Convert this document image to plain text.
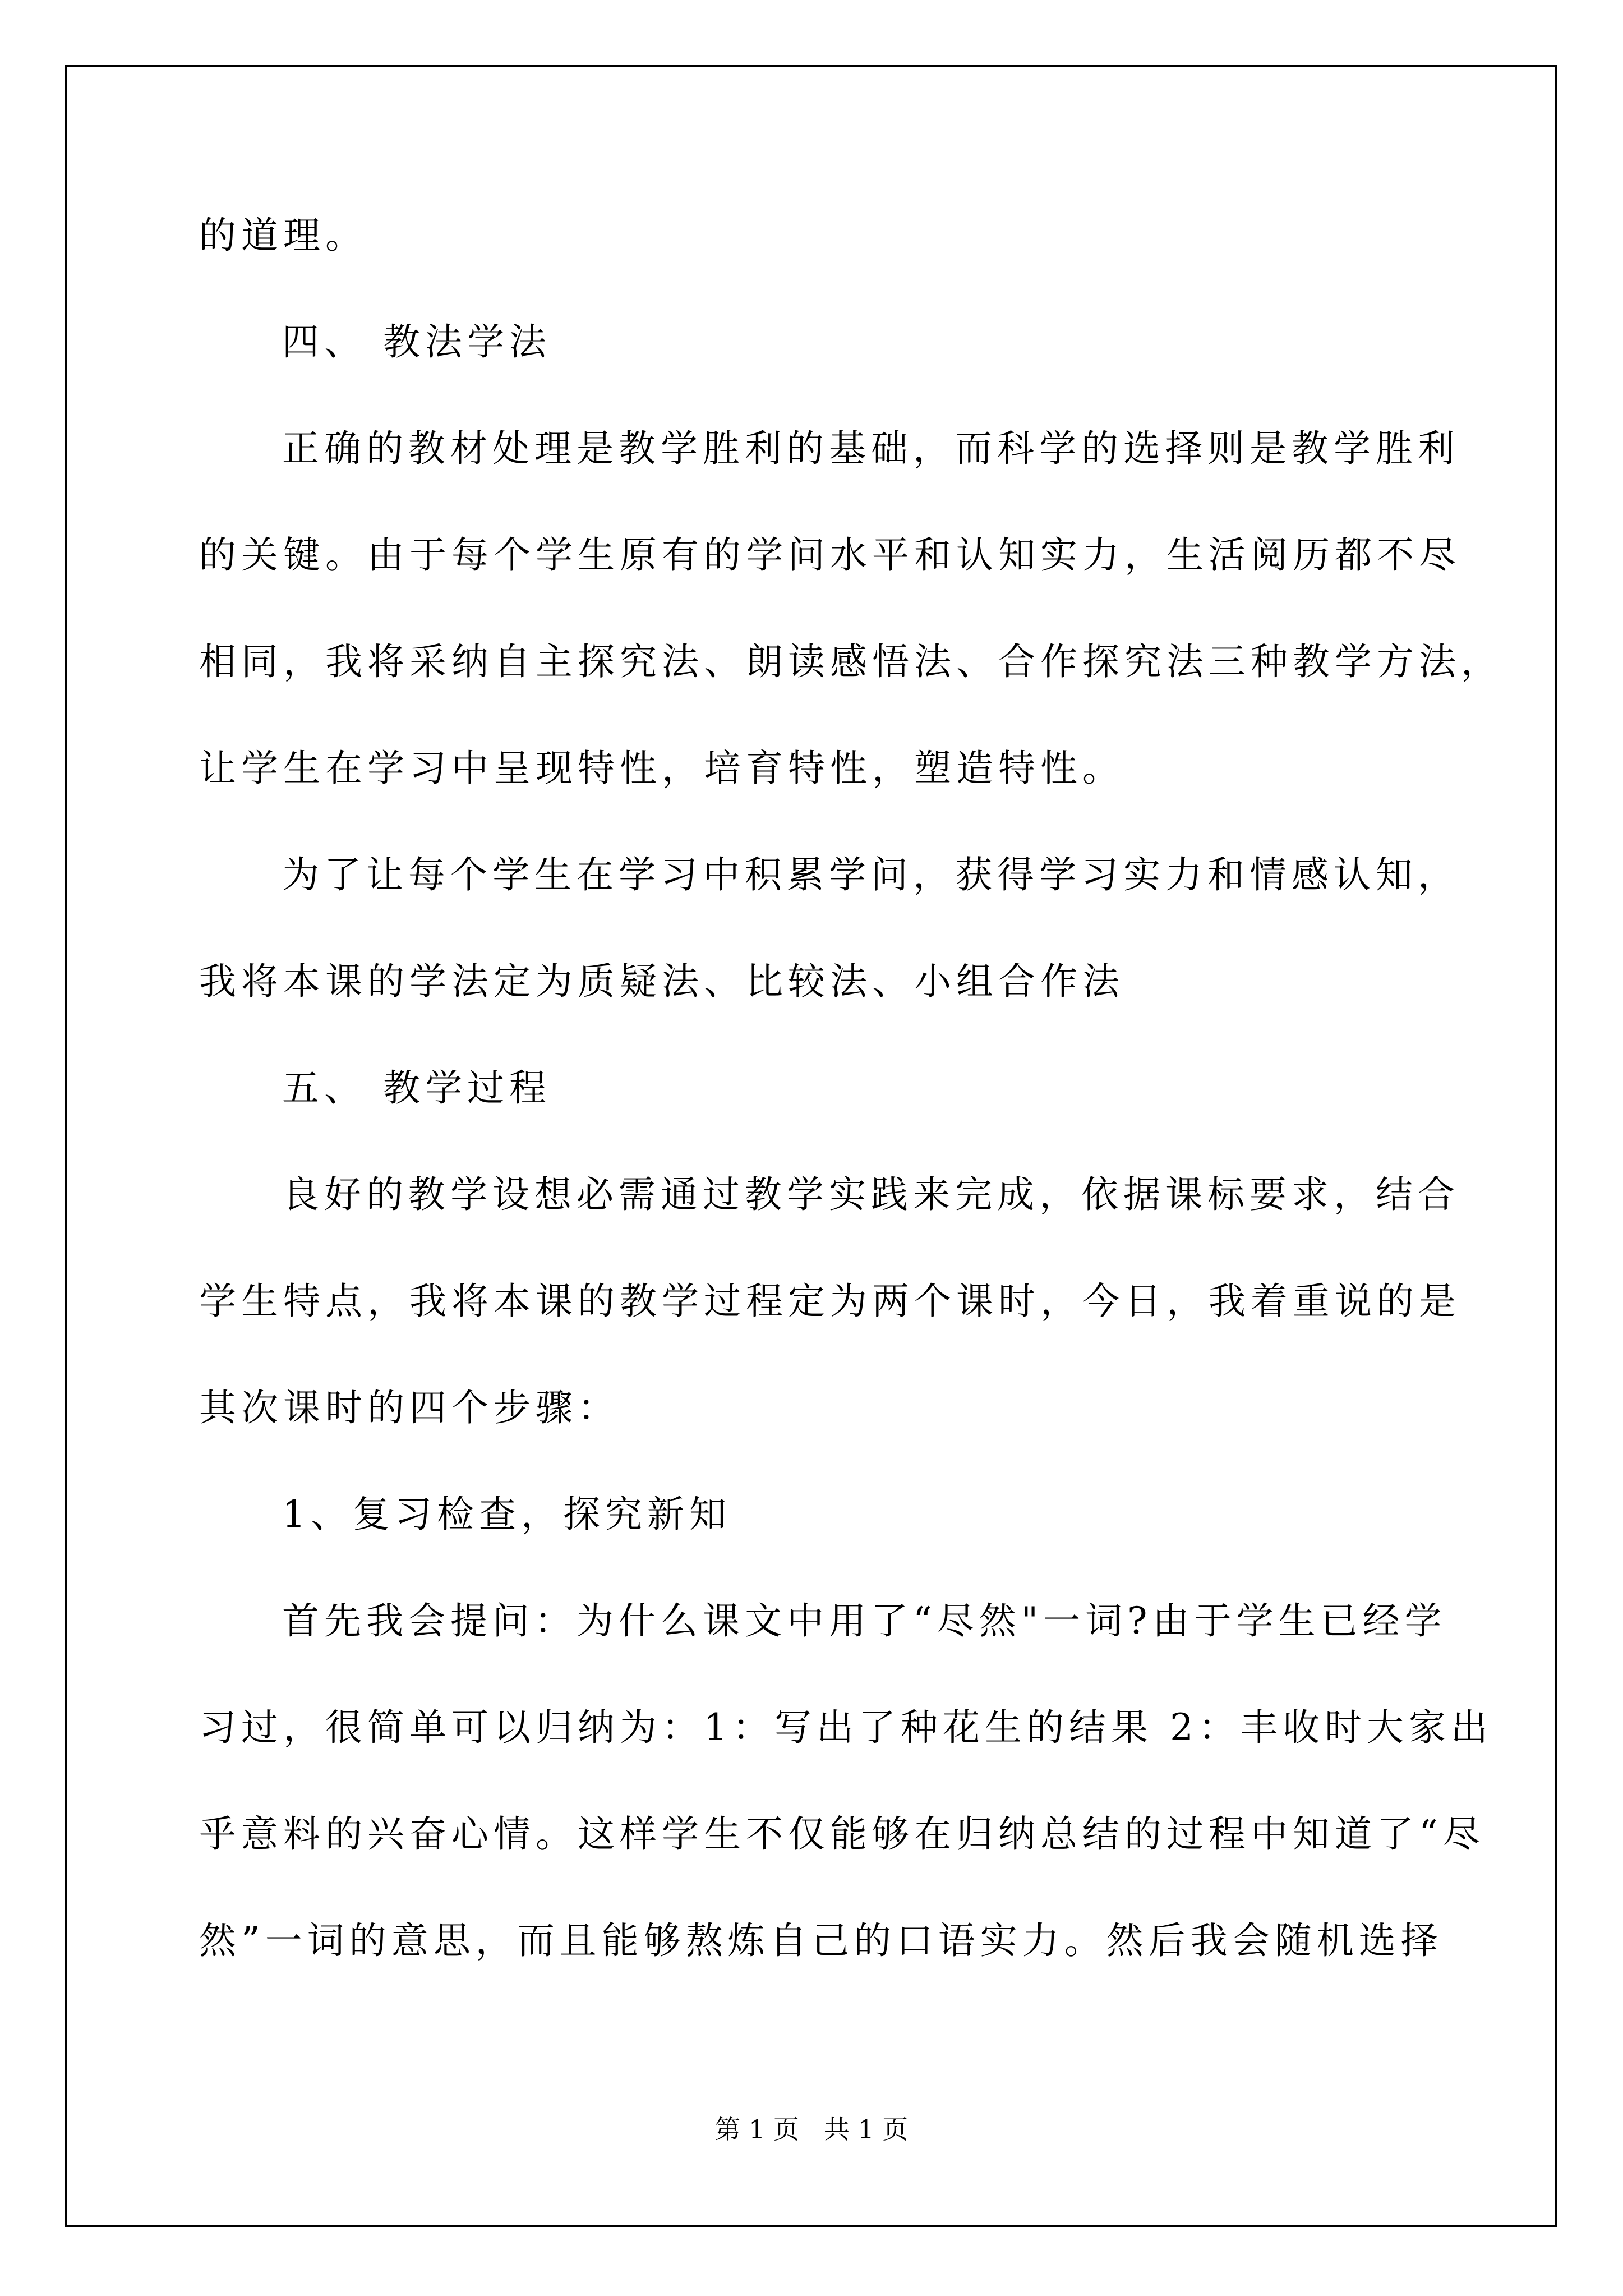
的道理。
四、 教法学法
正确的教材处理是教学胜利的基础，而科学的选择则是教学胜利
的关键。由于每个学生原有的学问水平和认知实力，生活阅历都不尽
相同，我将采纳自主探究法、朗读感悟法、合作探究法三种教学方法，
让学生在学习中呈现特性，培育特性，塑造特性。
为了让每个学生在学习中积累学问，获得学习实力和情感认知，
我将本课的学法定为质疑法、比较法、小组合作法
五、 教学过程
良好的教学设想必需通过教学实践来完成，依据课标要求，结合
学生特点，我将本课的教学过程定为两个课时，今日，我着重说的是
其次课时的四个步骤：
1、复习检查，探究新知
首先我会提问：为什么课文中用了“尽然"一词?由于学生已经学
习过，很简单可以归纳为：1：写出了种花生的结果 2：丰收时大家出
乎意料的兴奋心情。这样学生不仅能够在归纳总结的过程中知道了“尽
然”一词的意思，而且能够熬炼自己的口语实力。然后我会随机选择
第 1 页   共 1 页
